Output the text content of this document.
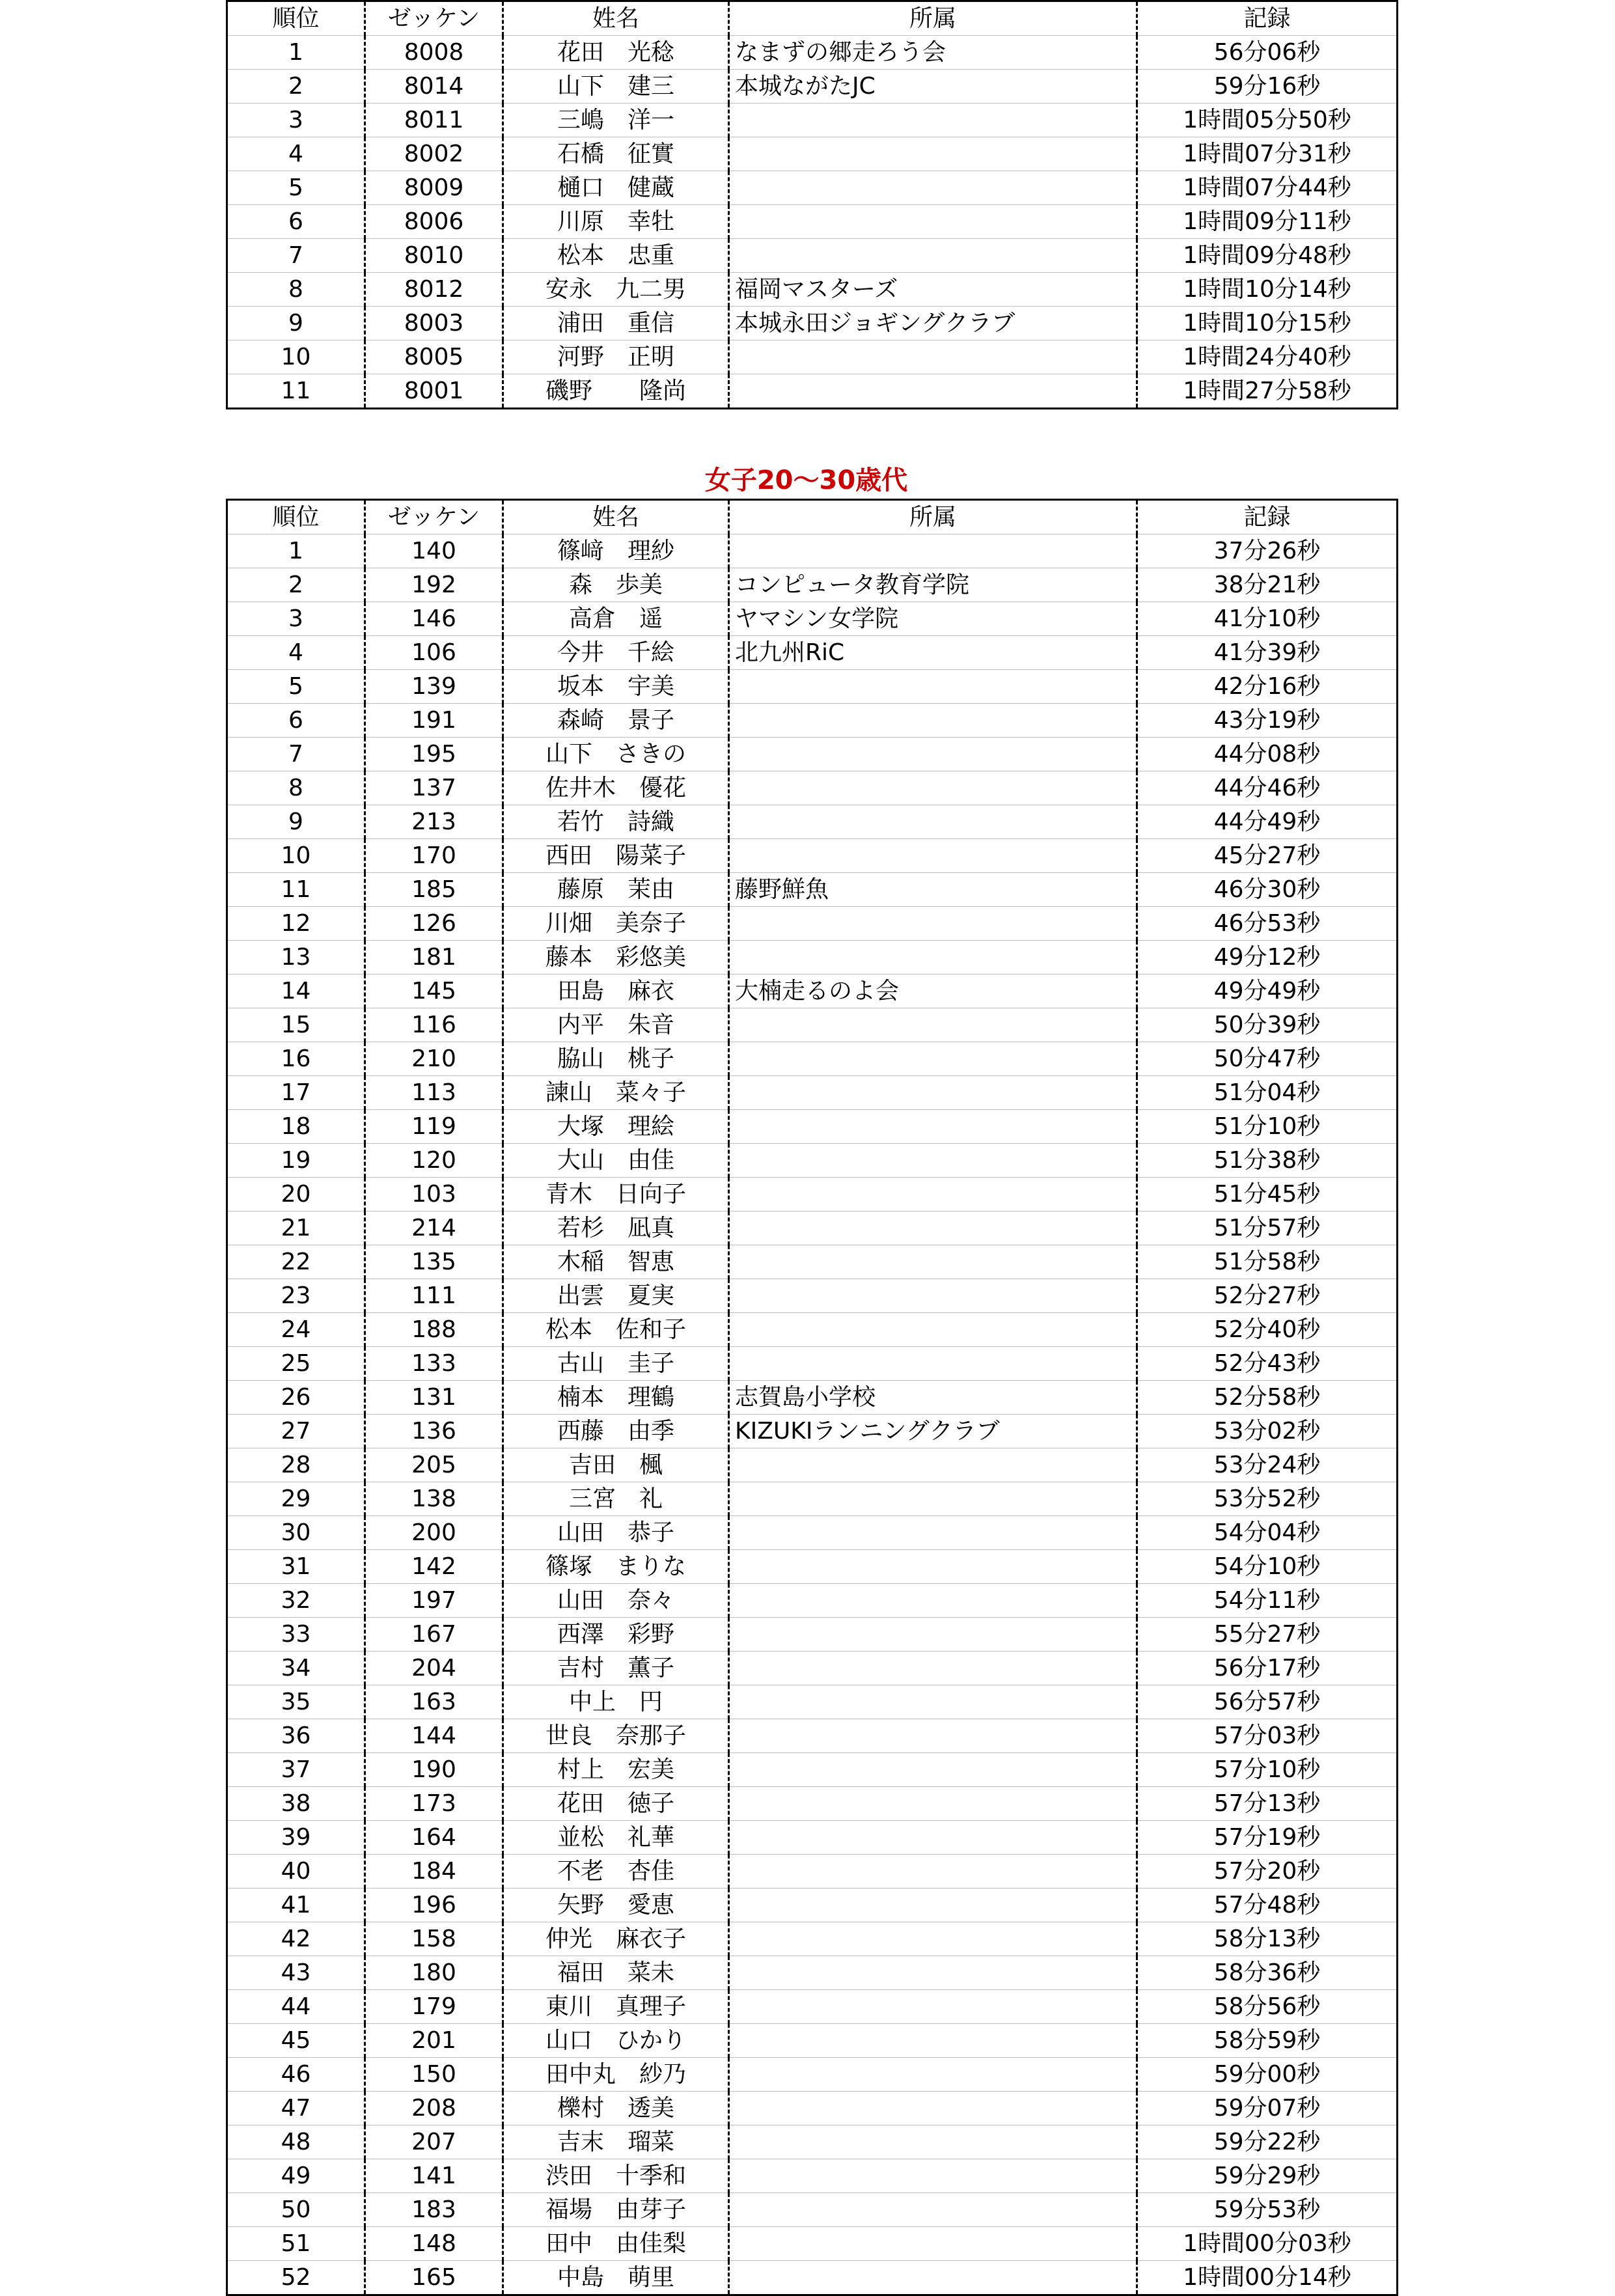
順位	ゼッケン	姓名	所属	記録
1	8008	花田　光稔	なまずの郷走ろう会	56分06秒
2	8014	山下　建三	本城ながたJC	59分16秒
3	8011	三嶋　洋一		1時間05分50秒
4	8002	石橋　征實		1時間07分31秒
5	8009	樋口　健蔵		1時間07分44秒
6	8006	川原　幸牡		1時間09分11秒
7	8010	松本　忠重		1時間09分48秒
8	8012	安永　九二男	福岡マスターズ	1時間10分14秒
9	8003	浦田　重信	本城永田ジョギングクラブ	1時間10分15秒
10	8005	河野　正明		1時間24分40秒
11	8001	磯野　　隆尚		1時間27分58秒
女子20～30歳代
順位	ゼッケン	姓名	所属	記録
1	140	篠﨑　理紗		37分26秒
2	192	森　歩美	コンピュータ教育学院	38分21秒
3	146	高倉　遥	ヤマシン女学院	41分10秒
4	106	今井　千絵	北九州RiC	41分39秒
5	139	坂本　宇美		42分16秒
6	191	森崎　景子		43分19秒
7	195	山下　さきの		44分08秒
8	137	佐井木　優花		44分46秒
9	213	若竹　詩織		44分49秒
10	170	西田　陽菜子		45分27秒
11	185	藤原　茉由	藤野鮮魚	46分30秒
12	126	川畑　美奈子		46分53秒
13	181	藤本　彩悠美		49分12秒
14	145	田島　麻衣	大楠走るのよ会	49分49秒
15	116	内平　朱音		50分39秒
16	210	脇山　桃子		50分47秒
17	113	諫山　菜々子		51分04秒
18	119	大塚　理絵		51分10秒
19	120	大山　由佳		51分38秒
20	103	青木　日向子		51分45秒
21	214	若杉　凪真		51分57秒
22	135	木稲　智恵		51分58秒
23	111	出雲　夏実		52分27秒
24	188	松本　佐和子		52分40秒
25	133	古山　圭子		52分43秒
26	131	楠本　理鶴	志賀島小学校	52分58秒
27	136	西藤　由季	KIZUKIランニングクラブ	53分02秒
28	205	吉田　楓		53分24秒
29	138	三宮　礼		53分52秒
30	200	山田　恭子		54分04秒
31	142	篠塚　まりな		54分10秒
32	197	山田　奈々		54分11秒
33	167	西澤　彩野		55分27秒
34	204	吉村　薫子		56分17秒
35	163	中上　円		56分57秒
36	144	世良　奈那子		57分03秒
37	190	村上　宏美		57分10秒
38	173	花田　徳子		57分13秒
39	164	並松　礼華		57分19秒
40	184	不老　杏佳		57分20秒
41	196	矢野　愛恵		57分48秒
42	158	仲光　麻衣子		58分13秒
43	180	福田　菜未		58分36秒
44	179	東川　真理子		58分56秒
45	201	山口　ひかり		58分59秒
46	150	田中丸　紗乃		59分00秒
47	208	櫟村　透美		59分07秒
48	207	吉末　瑠菜		59分22秒
49	141	渋田　十季和		59分29秒
50	183	福場　由芽子		59分53秒
51	148	田中　由佳梨		1時間00分03秒
52	165	中島　萌里		1時間00分14秒
